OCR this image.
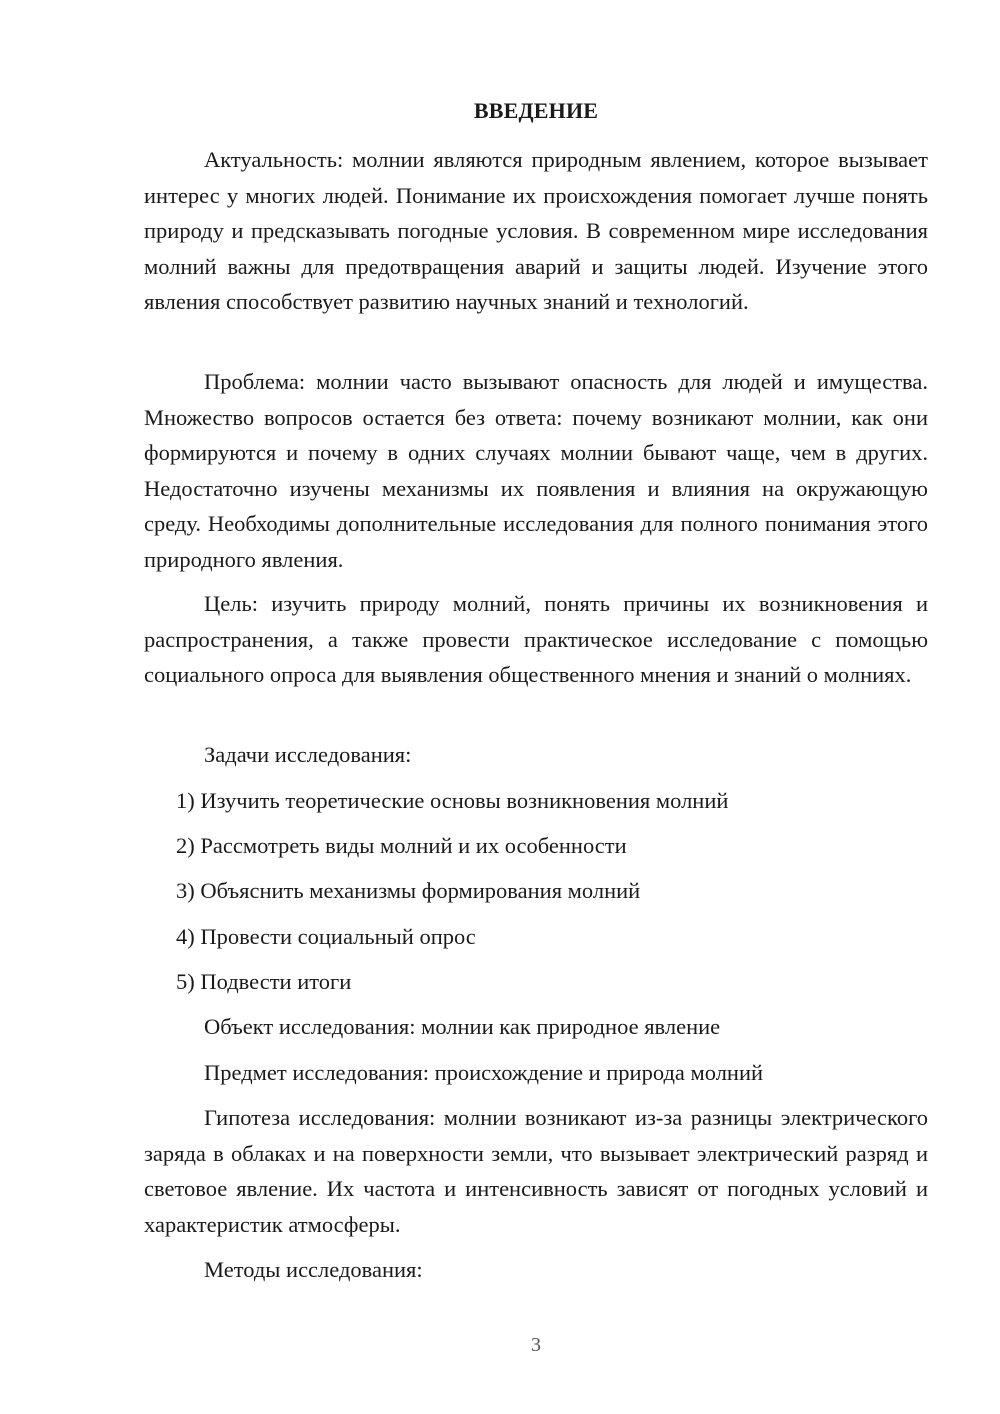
ВВЕДЕНИЕ

Актуальность: молнии являются природным явлением, которое вызывает интерес у многих людей. Понимание их происхождения помогает лучше понять природу и предсказывать погодные условия. В современном мире исследования молний важны для предотвращения аварий и защиты людей. Изучение этого явления способствует развитию научных знаний и технологий.

Проблема: молнии часто вызывают опасность для людей и имущества. Множество вопросов остается без ответа: почему возникают молнии, как они формируются и почему в одних случаях молнии бывают чаще, чем в других. Недостаточно изучены механизмы их появления и влияния на окружающую среду. Необходимы дополнительные исследования для полного понимания этого природного явления.

Цель: изучить природу молний, понять причины их возникновения и распространения, а также провести практическое исследование с помощью социального опроса для выявления общественного мнения и знаний о молниях.

Задачи исследования:

1) Изучить теоретические основы возникновения молний

2) Рассмотреть виды молний и их особенности

3) Объяснить механизмы формирования молний

4) Провести социальный опрос

5) Подвести итоги

Объект исследования: молнии как природное явление

Предмет исследования: происхождение и природа молний

Гипотеза исследования: молнии возникают из-за разницы электрического заряда в облаках и на поверхности земли, что вызывает электрический разряд и световое явление. Их частота и интенсивность зависят от погодных условий и характеристик атмосферы.

Методы исследования:

3
